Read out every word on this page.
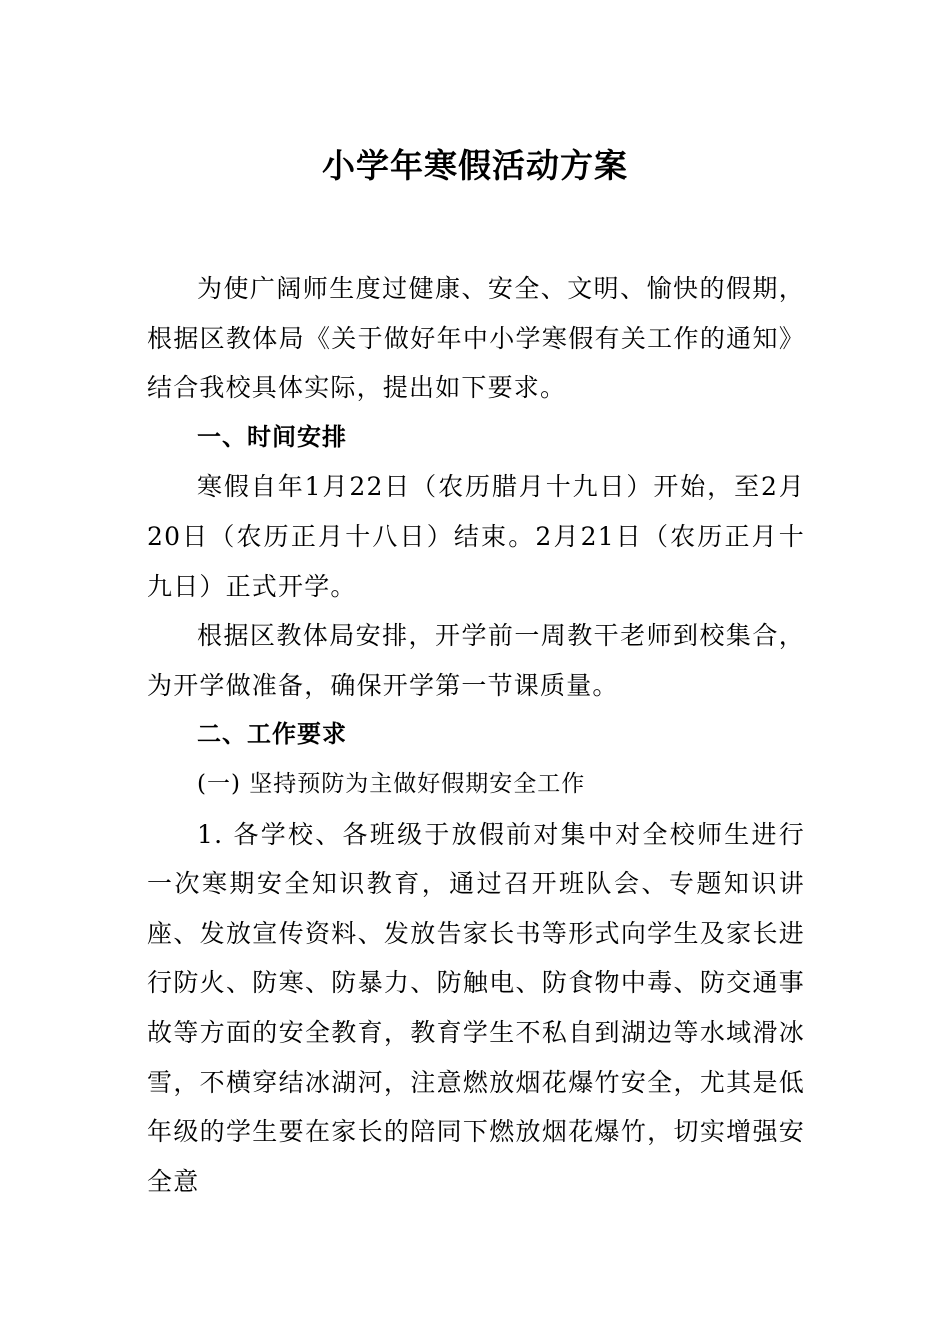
小学年寒假活动方案

为使广阔师生度过健康、安全、文明、愉快的假期，根据区教体局《关于做好年中小学寒假有关工作的通知》结合我校具体实际，提出如下要求。

一、时间安排

寒假自年1月22日（农历腊月十九日）开始，至2月20日（农历正月十八日）结束。2月21日（农历正月十九日）正式开学。

根据区教体局安排，开学前一周教干老师到校集合，为开学做准备，确保开学第一节课质量。

二、工作要求

(一) 坚持预防为主做好假期安全工作

1. 各学校、各班级于放假前对集中对全校师生进行一次寒期安全知识教育，通过召开班队会、专题知识讲座、发放宣传资料、发放告家长书等形式向学生及家长进行防火、防寒、防暴力、防触电、防食物中毒、防交通事故等方面的安全教育，教育学生不私自到湖边等水域滑冰雪，不横穿结冰湖河，注意燃放烟花爆竹安全，尤其是低年级的学生要在家长的陪同下燃放烟花爆竹，切实增强安全意
